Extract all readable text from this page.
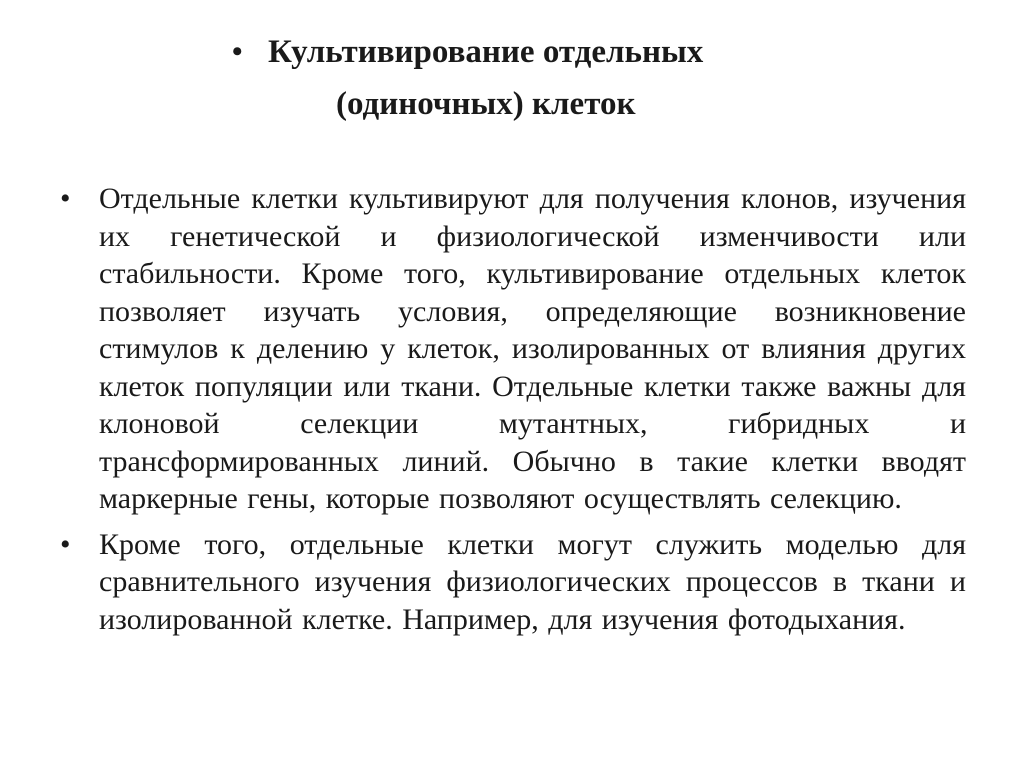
• Культивирование отдельных
(одиночных) клеток
• Отдельные клетки культивируют для получения клонов, изучения их генетической и физиологической изменчивости или стабильности. Кроме того, культивирование отдельных клеток позволяет изучать условия, определяющие возникновение стимулов к делению у клеток, изолированных от влияния других клеток популяции или ткани. Отдельные клетки также важны для клоновой селекции мутантных, гибридных и трансформированных линий. Обычно в такие клетки вводят маркерные гены, которые позволяют осуществлять селекцию.
• Кроме того, отдельные клетки могут служить моделью для сравнительного изучения физиологических процессов в ткани и изолированной клетке. Например, для изучения фотодыхания.
